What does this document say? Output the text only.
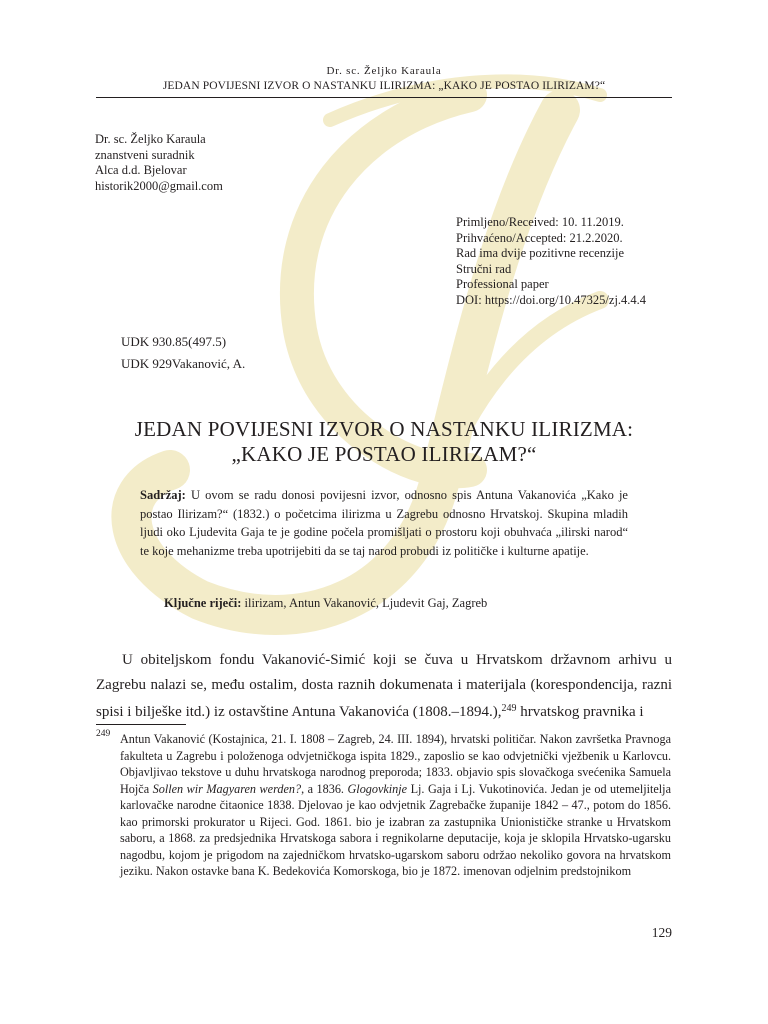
Dr. sc. Željko Karaula
JEDAN POVIJESNI IZVOR O NASTANKU ILIRIZMA: „KAKO JE POSTAO ILIRIZAM?“
Dr. sc. Željko Karaula
znanstveni suradnik
Alca d.d. Bjelovar
historik2000@gmail.com
Primljeno/Received: 10. 11.2019.
Prihvaćeno/Accepted: 21.2.2020.
Rad ima dvije pozitivne recenzije
Stručni rad
Professional paper
DOI: https://doi.org/10.47325/zj.4.4.4
UDK 930.85(497.5)
UDK 929Vakanović, A.
JEDAN POVIJESNI IZVOR O NASTANKU ILIRIZMA:
„KAKO JE POSTAO ILIRIZAM?“
Sadržaj: U ovom se radu donosi povijesni izvor, odnosno spis Antuna Vakanovića „Kako je postao Ilirizam?“ (1832.) o početcima ilirizma u Zagrebu odnosno Hrvatskoj. Skupina mladih ljudi oko Ljudevita Gaja te je godine počela promišljati o prostoru koji obuhvaća „ilirski narod“ te koje mehanizme treba upotrijebiti da se taj narod probudi iz političke i kulturne apatije.
Ključne riječi: ilirizam, Antun Vakanović, Ljudevit Gaj, Zagreb
U obiteljskom fondu Vakanović-Simić koji se čuva u Hrvatskom državnom arhivu u Zagrebu nalazi se, među ostalim, dosta raznih dokumenata i materijala (korespondencija, razni spisi i bilješke itd.) iz ostavštine Antuna Vakanovića (1808.–1894.),$^{249}$ hrvatskog pravnika i
249 Antun Vakanović (Kostajnica, 21. I. 1808 – Zagreb, 24. III. 1894), hrvatski političar. Nakon završetka Pravnoga fakulteta u Zagrebu i položenoga odvjetničkoga ispita 1829., zaposlio se kao odvjetnički vježbenik u Karlovcu. Objavljivao tekstove u duhu hrvatskoga narodnog preporoda; 1833. objavio spis slovačkoga svećenika Samuela Hojča Sollen wir Magyaren werden?, a 1836. Glogovkinje Lj. Gaja i Lj. Vukotinovića. Jedan je od utemeljitelja karlovačke narodne čitaonice 1838. Djelovao je kao odvjetnik Zagrebačke županije 1842 – 47., potom do 1856. kao primorski prokurator u Rijeci. God. 1861. bio je izabran za zastupnika Unionističke stranke u Hrvatskom saboru, a 1868. za predsjednika Hrvatskoga sabora i regnikolarne deputacije, koja je sklopila Hrvatsko-ugarsku nagodbu, kojom je prigodom na zajedničkom hrvatsko-ugarskom saboru održao nekoliko govora na hrvatskom jeziku. Nakon ostavke bana K. Bedekovića Komorskoga, bio je 1872. imenovan odjelnim predstojnikom
129
